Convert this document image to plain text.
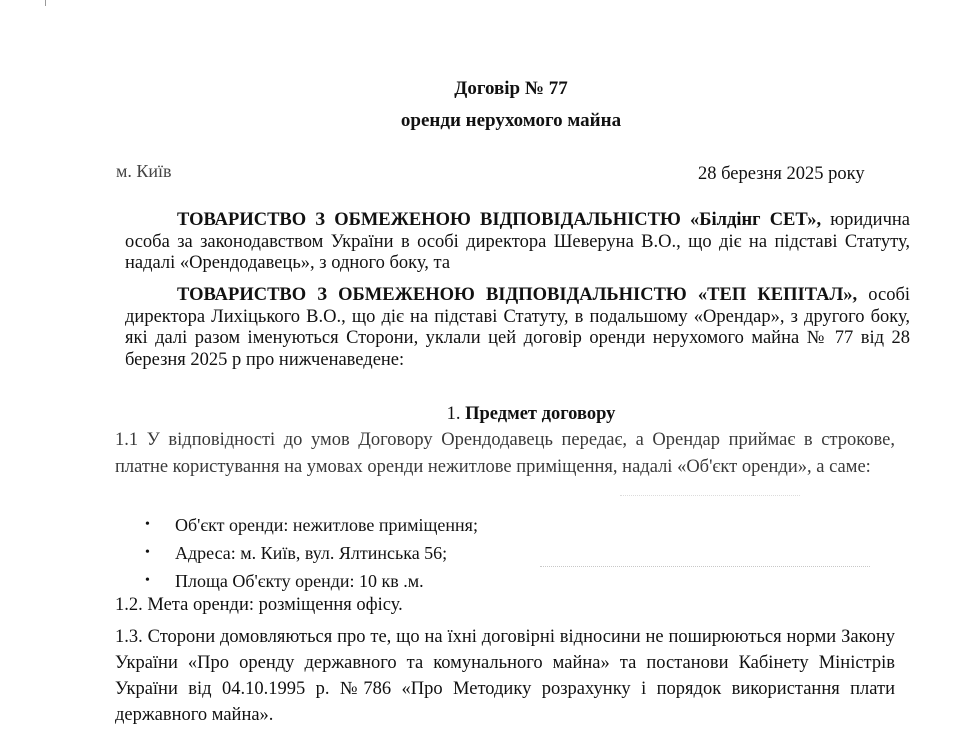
Договір № 77
оренди нерухомого майна
м. Київ	28 березня 2025 року
ТОВАРИСТВО З ОБМЕЖЕНОЮ ВІДПОВІДАЛЬНІСТЮ «Білдінг СЕТ», юридична особа за законодавством України в особі директора Шеверуна В.О., що діє на підставі Статуту, надалі «Орендодавець», з одного боку, та
ТОВАРИСТВО З ОБМЕЖЕНОЮ ВІДПОВІДАЛЬНІСТЮ «ТЕП КЕПІТАЛ», особі директора Лихіцького В.О., що діє на підставі Статуту, в подальшому «Орендар», з другого боку, які далі разом іменуються Сторони, уклали цей договір оренди нерухомого майна № 77 від 28 березня 2025 р про нижченаведене:
1. Предмет договору
1.1 У відповідності до умов Договору Орендодавець передає, а Орендар приймає в строкове, платне користування на умовах оренди нежитлове приміщення, надалі «Об'єкт оренди», а саме:
• Об'єкт оренди: нежитлове приміщення;
• Адреса: м. Київ, вул. Ялтинська 56;
• Площа Об'єкту оренди: 10 кв .м.
1.2. Мета оренди: розміщення офісу.
1.3. Сторони домовляються про те, що на їхні договірні відносини не поширюються норми Закону України «Про оренду державного та комунального майна» та постанови Кабінету Міністрів України від 04.10.1995 р. №786 «Про Методику розрахунку і порядок використання плати державного майна».
